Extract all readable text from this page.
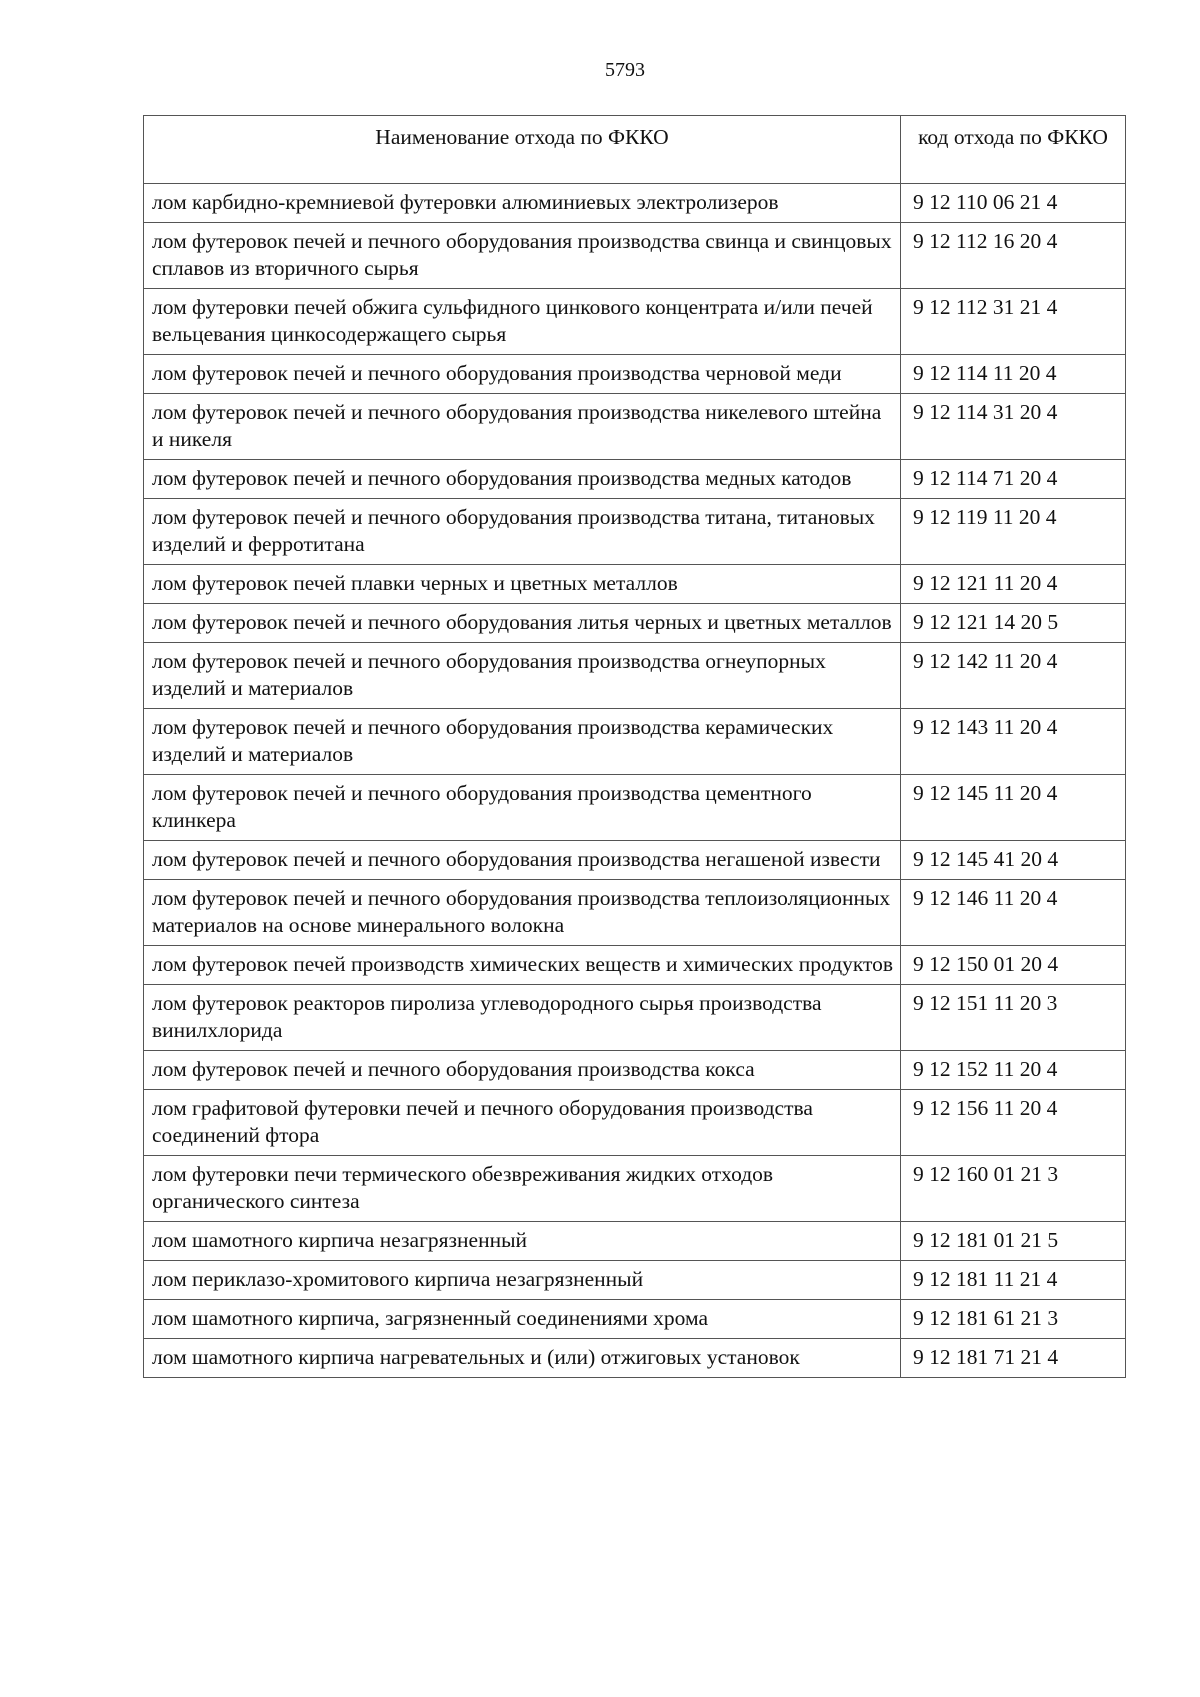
5793
Наименование отхода по ФККО	код отхода по ФККО
лом карбидно-кремниевой футеровки алюминиевых электролизеров	9 12 110 06 21 4
лом футеровок печей и печного оборудования производства свинца и свинцовых сплавов из вторичного сырья	9 12 112 16 20 4
лом футеровки печей обжига сульфидного цинкового концентрата и/или печей вельцевания цинкосодержащего сырья	9 12 112 31 21 4
лом футеровок печей и печного оборудования производства черновой меди	9 12 114 11 20 4
лом футеровок печей и печного оборудования производства никелевого штейна и никеля	9 12 114 31 20 4
лом футеровок печей и печного оборудования производства медных катодов	9 12 114 71 20 4
лом футеровок печей и печного оборудования производства титана, титановых изделий и ферротитана	9 12 119 11 20 4
лом футеровок печей плавки черных и цветных металлов	9 12 121 11 20 4
лом футеровок печей и печного оборудования литья черных и цветных металлов	9 12 121 14 20 5
лом футеровок печей и печного оборудования производства огнеупорных изделий и материалов	9 12 142 11 20 4
лом футеровок печей и печного оборудования производства керамических изделий и материалов	9 12 143 11 20 4
лом футеровок печей и печного оборудования производства цементного клинкера	9 12 145 11 20 4
лом футеровок печей и печного оборудования производства негашеной извести	9 12 145 41 20 4
лом футеровок печей и печного оборудования производства теплоизоляционных материалов на основе минерального волокна	9 12 146 11 20 4
лом футеровок печей производств химических веществ и химических продуктов	9 12 150 01 20 4
лом футеровок реакторов пиролиза углеводородного сырья производства винилхлорида	9 12 151 11 20 3
лом футеровок печей и печного оборудования производства кокса	9 12 152 11 20 4
лом графитовой футеровки печей и печного оборудования производства соединений фтора	9 12 156 11 20 4
лом футеровки печи термического обезвреживания жидких отходов органического синтеза	9 12 160 01 21 3
лом шамотного кирпича незагрязненный	9 12 181 01 21 5
лом периклазо-хромитового кирпича незагрязненный	9 12 181 11 21 4
лом шамотного кирпича, загрязненный соединениями хрома	9 12 181 61 21 3
лом шамотного кирпича нагревательных и (или) отжиговых установок	9 12 181 71 21 4
